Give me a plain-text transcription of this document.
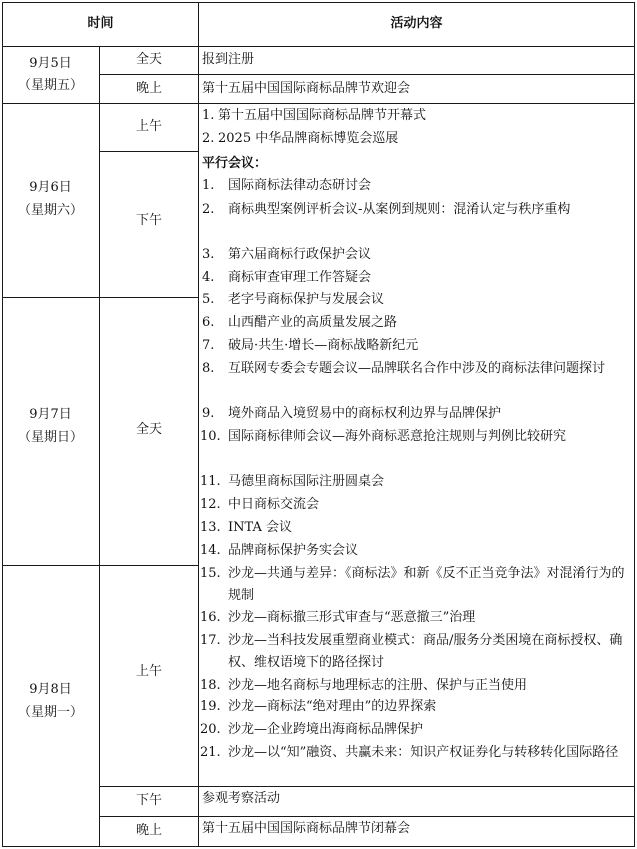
时间	活动内容
9月5日
（星期五）
9月6日
（星期六）
9月7日
（星期日）
9月8日
（星期一）
全天
晚上
上午
下午
全天
上午
下午
晚上
报到注册
第十五届中国国际商标品牌节欢迎会
1. 第十五届中国国际商标品牌节开幕式
2. 2025 中华品牌商标博览会巡展
平行会议：
1. 国际商标法律动态研讨会
2. 商标典型案例评析会议-从案例到规则：混淆认定与秩序重构
3. 第六届商标行政保护会议
4. 商标审查审理工作答疑会
5. 老字号商标保护与发展会议
6. 山西醋产业的高质量发展之路
7. 破局·共生·增长—商标战略新纪元
8. 互联网专委会专题会议—品牌联名合作中涉及的商标法律问题探讨
9. 境外商品入境贸易中的商标权利边界与品牌保护
10. 国际商标律师会议—海外商标恶意抢注规则与判例比较研究
11. 马德里商标国际注册圆桌会
12. 中日商标交流会
13. INTA 会议
14. 品牌商标保护务实会议
15. 沙龙—共通与差异：《商标法》和新《反不正当竞争法》对混淆行为的规制
16. 沙龙—商标撤三形式审查与“恶意撤三”治理
17. 沙龙—当科技发展重塑商业模式：商品/服务分类困境在商标授权、确权、维权语境下的路径探讨
18. 沙龙—地名商标与地理标志的注册、保护与正当使用
19. 沙龙—商标法“绝对理由”的边界探索
20. 沙龙—企业跨境出海商标品牌保护
21. 沙龙—以“知”融资、共赢未来：知识产权证券化与转移转化国际路径
参观考察活动
第十五届中国国际商标品牌节闭幕会
